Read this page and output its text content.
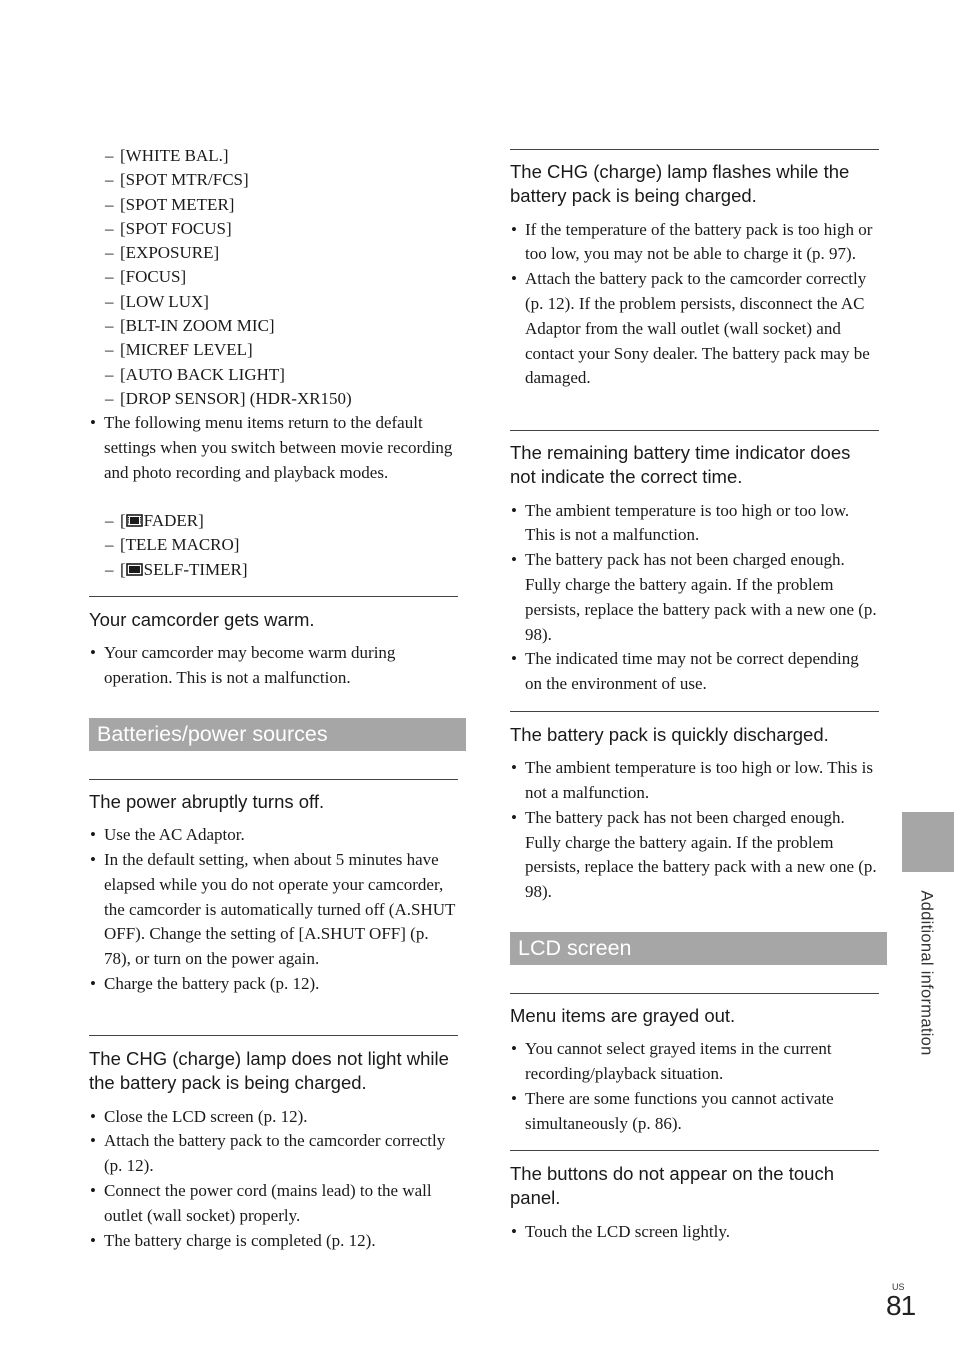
– [WHITE BAL.]
– [SPOT MTR/FCS]
– [SPOT METER]
– [SPOT FOCUS]
– [EXPOSURE]
– [FOCUS]
– [LOW LUX]
– [BLT-IN ZOOM MIC]
– [MICREF LEVEL]
– [AUTO BACK LIGHT]
– [DROP SENSOR] (HDR-XR150)
• The following menu items return to the default settings when you switch between movie recording and photo recording and playback modes.
– [ FADER]
– [TELE MACRO]
– [ SELF-TIMER]
Your camcorder gets warm.
• Your camcorder may become warm during operation. This is not a malfunction.
Batteries/power sources
The power abruptly turns off.
• Use the AC Adaptor.
• In the default setting, when about 5 minutes have elapsed while you do not operate your camcorder, the camcorder is automatically turned off (A.SHUT OFF). Change the setting of [A.SHUT OFF] (p. 78), or turn on the power again.
• Charge the battery pack (p. 12).
The CHG (charge) lamp does not light while the battery pack is being charged.
• Close the LCD screen (p. 12).
• Attach the battery pack to the camcorder correctly (p. 12).
• Connect the power cord (mains lead) to the wall outlet (wall socket) properly.
• The battery charge is completed (p. 12).
The CHG (charge) lamp flashes while the battery pack is being charged.
• If the temperature of the battery pack is too high or too low, you may not be able to charge it (p. 97).
• Attach the battery pack to the camcorder correctly (p. 12). If the problem persists, disconnect the AC Adaptor from the wall outlet (wall socket) and contact your Sony dealer. The battery pack may be damaged.
The remaining battery time indicator does not indicate the correct time.
• The ambient temperature is too high or too low. This is not a malfunction.
• The battery pack has not been charged enough. Fully charge the battery again. If the problem persists, replace the battery pack with a new one (p. 98).
• The indicated time may not be correct depending on the environment of use.
The battery pack is quickly discharged.
• The ambient temperature is too high or low. This is not a malfunction.
• The battery pack has not been charged enough. Fully charge the battery again. If the problem persists, replace the battery pack with a new one (p. 98).
LCD screen
Menu items are grayed out.
• You cannot select grayed items in the current recording/playback situation.
• There are some functions you cannot activate simultaneously (p. 86).
The buttons do not appear on the touch panel.
• Touch the LCD screen lightly.
Additional information
US
81
